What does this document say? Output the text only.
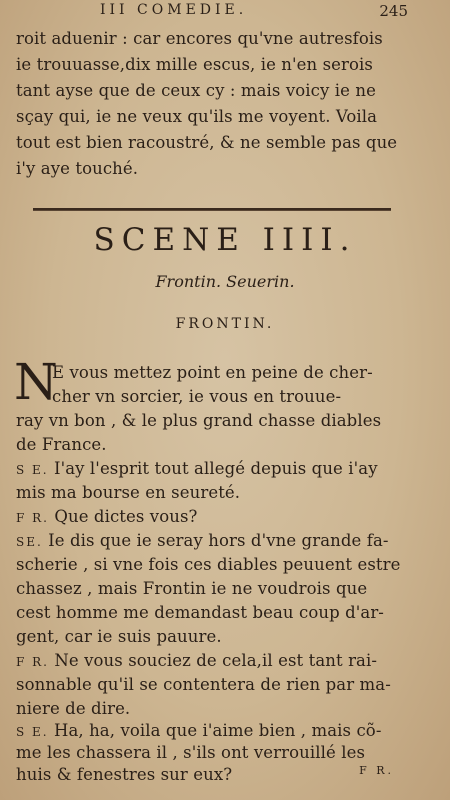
III COMEDIE.	245
roit aduenir : car encores qu'vne autresfois
ie trouuasse,dix mille escus, ie n'en serois
tant ayse que de ceux cy : mais voicy ie ne
sçay qui, ie ne veux qu'ils me voyent. Voila
tout est bien racoustré, & ne semble pas que
i'y aye touché.
SCENE IIII.
Frontin. Seuerin.
FRONTIN.
N
E vous mettez point en peine de cher-
cher vn sorcier, ie vous en trouue-
ray vn bon , & le plus grand chasse diables
de France.
S E. I'ay l'esprit tout allegé depuis que i'ay
mis ma bourse en seureté.
F R. Que dictes vous?
SE. Ie dis que ie seray hors d'vne grande fa-
scherie , si vne fois ces diables peuuent estre
chassez , mais Frontin ie ne voudrois que
cest homme me demandast beau coup d'ar-
gent, car ie suis pauure.
F R. Ne vous souciez de cela,il est tant rai-
sonnable qu'il se contentera de rien par ma-
niere de dire.
S E. Ha, ha, voila que i'aime bien , mais cõ-
me les chassera il , s'ils ont verrouillé les
huis & fenestres sur eux?	F R.
